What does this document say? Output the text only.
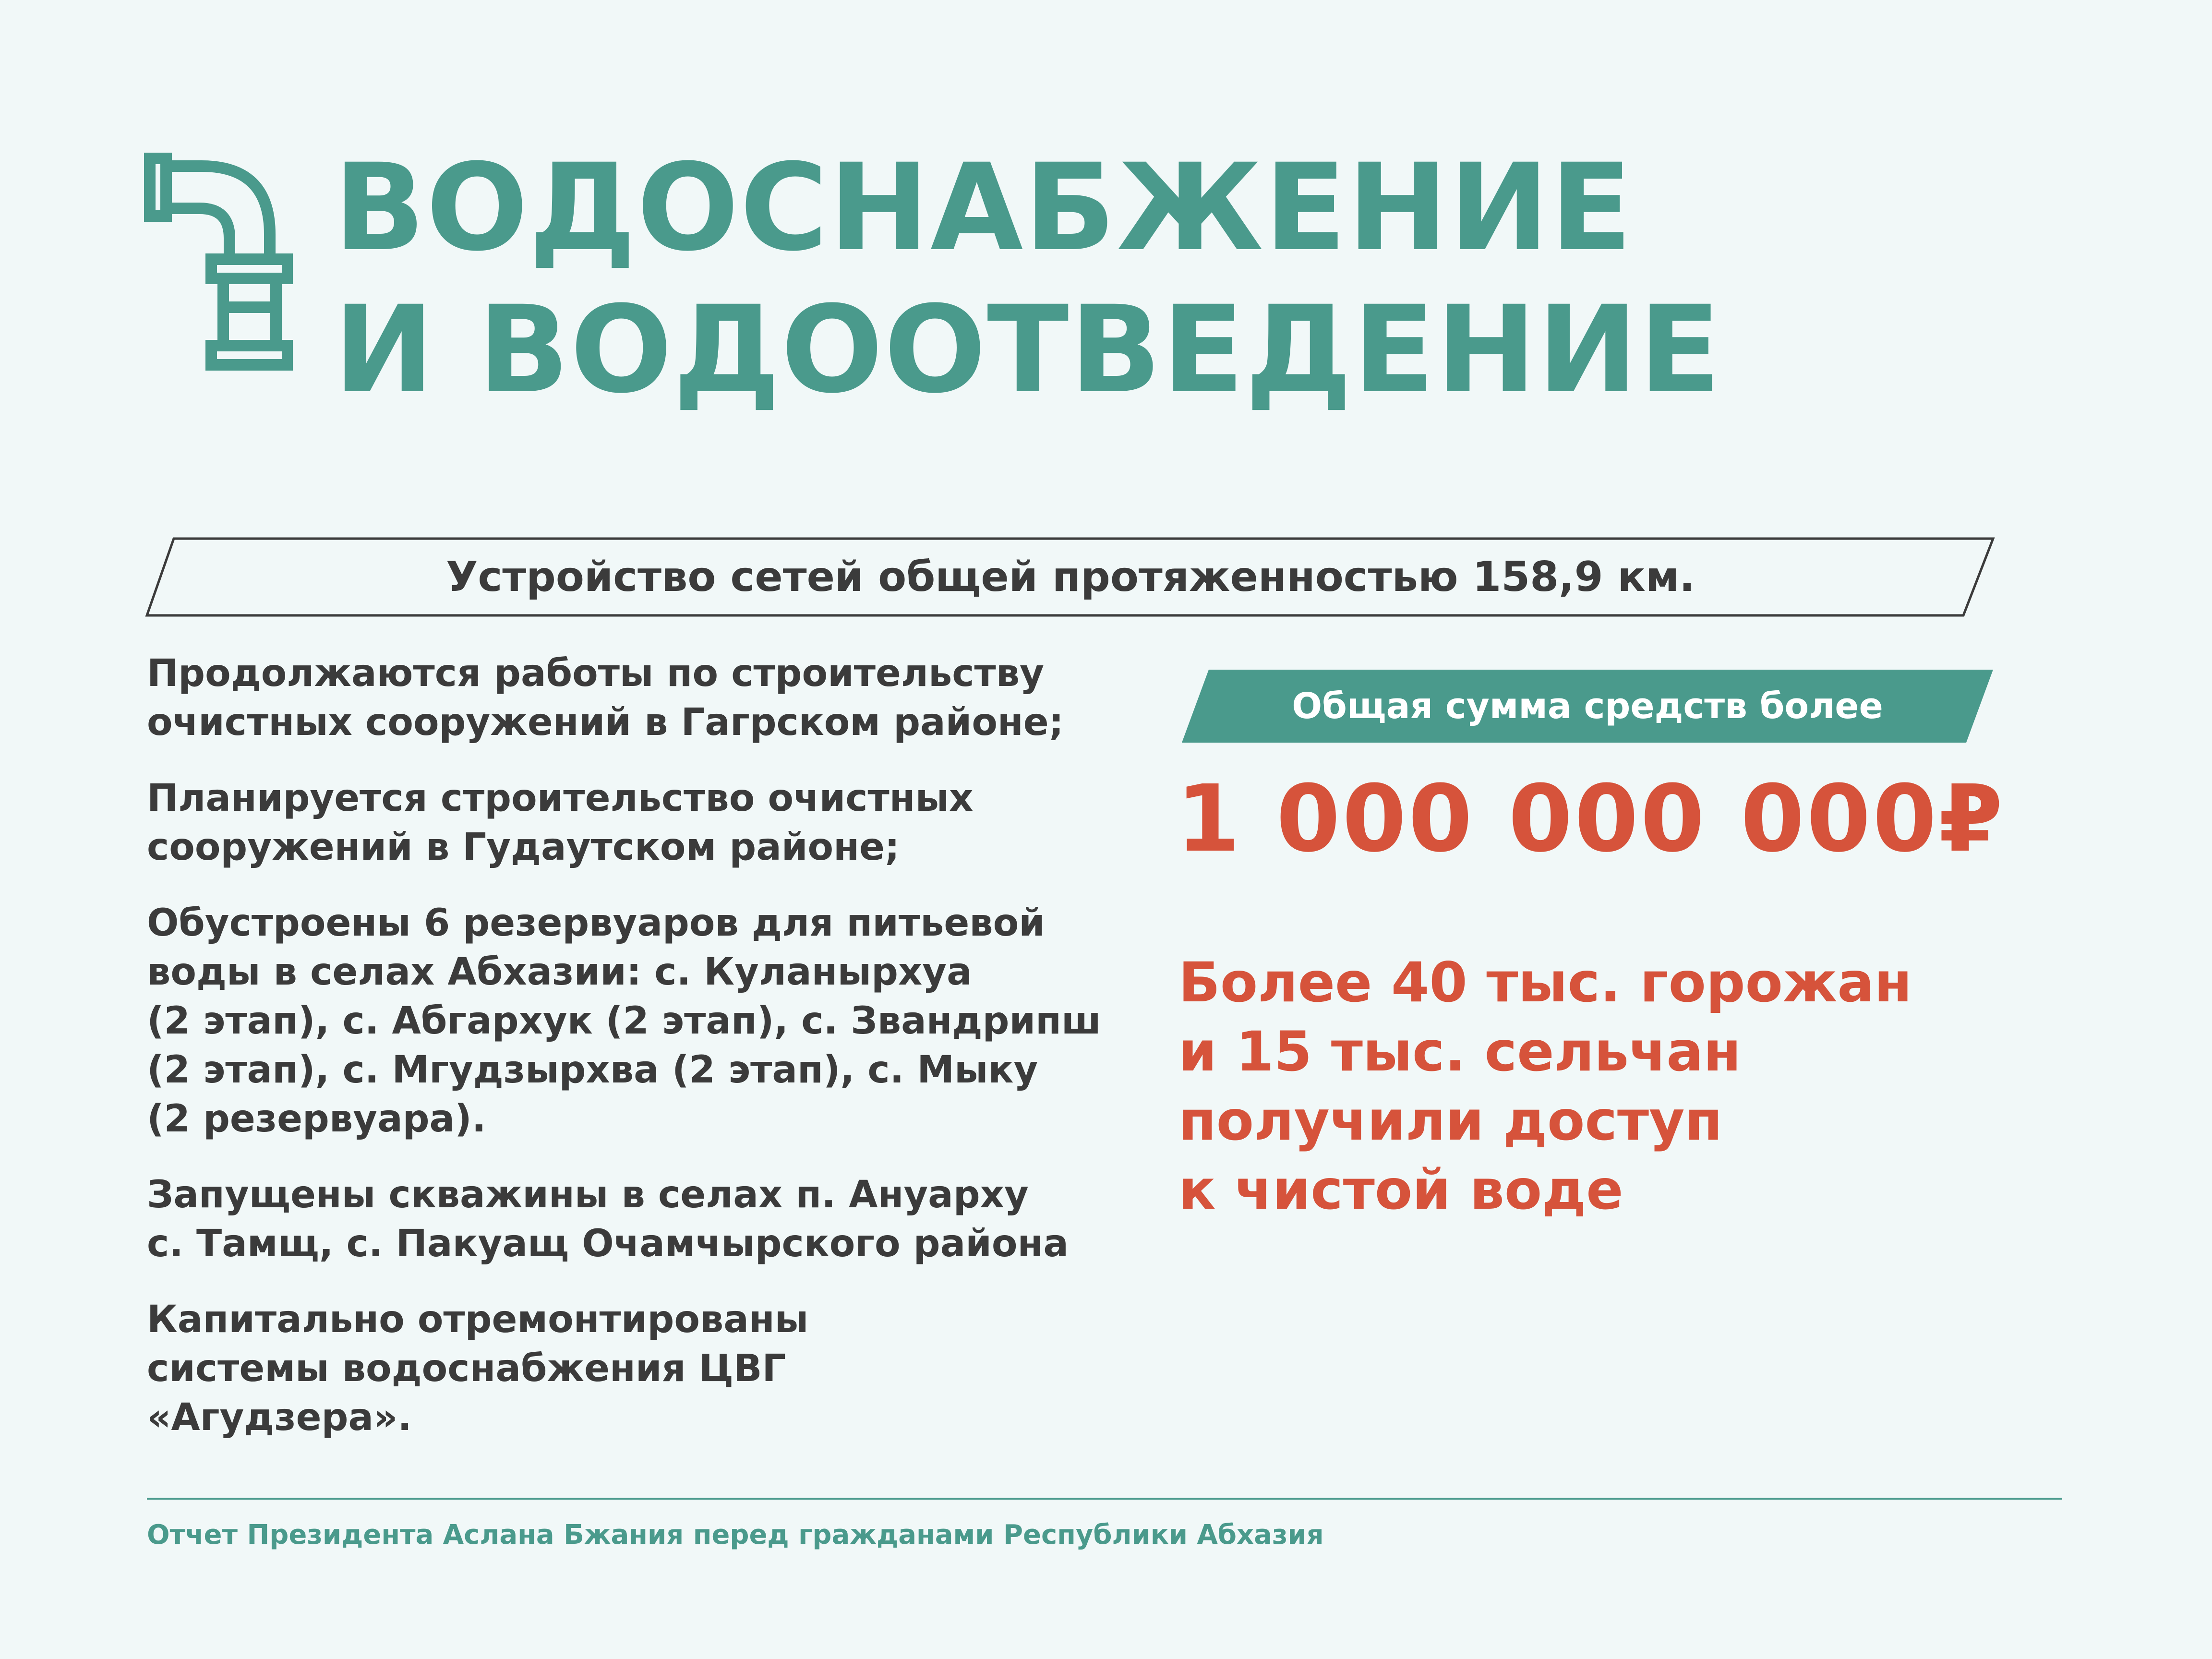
ВОДОСНАБЖЕНИЕ
И ВОДООТВЕДЕНИЕ
Устройство сетей общей протяженностью 158,9 км.
Продолжаются работы по строительству
очистных сооружений в Гагрском районе;
Планируется строительство очистных
сооружений в Гудаутском районе;
Обустроены 6 резервуаров для питьевой
воды в селах Абхазии: с. Куланырхуа
(2 этап), с. Абгархук (2 этап), с. Звандрипш
(2 этап), с. Мгудзырхва (2 этап), с. Мыку
(2 резервуара).
Запущены скважины в селах п. Ануарху
с. Тамщ, с. Пакуащ Очамчырского района
Капитально отремонтированы
системы водоснабжения ЦВГ
«Агудзера».
Общая сумма средств более
1 000 000 000₽
Более 40 тыс. горожан
и 15 тыс. сельчан
получили доступ
к чистой воде
Отчет Президента Аслана Бжания перед гражданами Республики Абхазия
